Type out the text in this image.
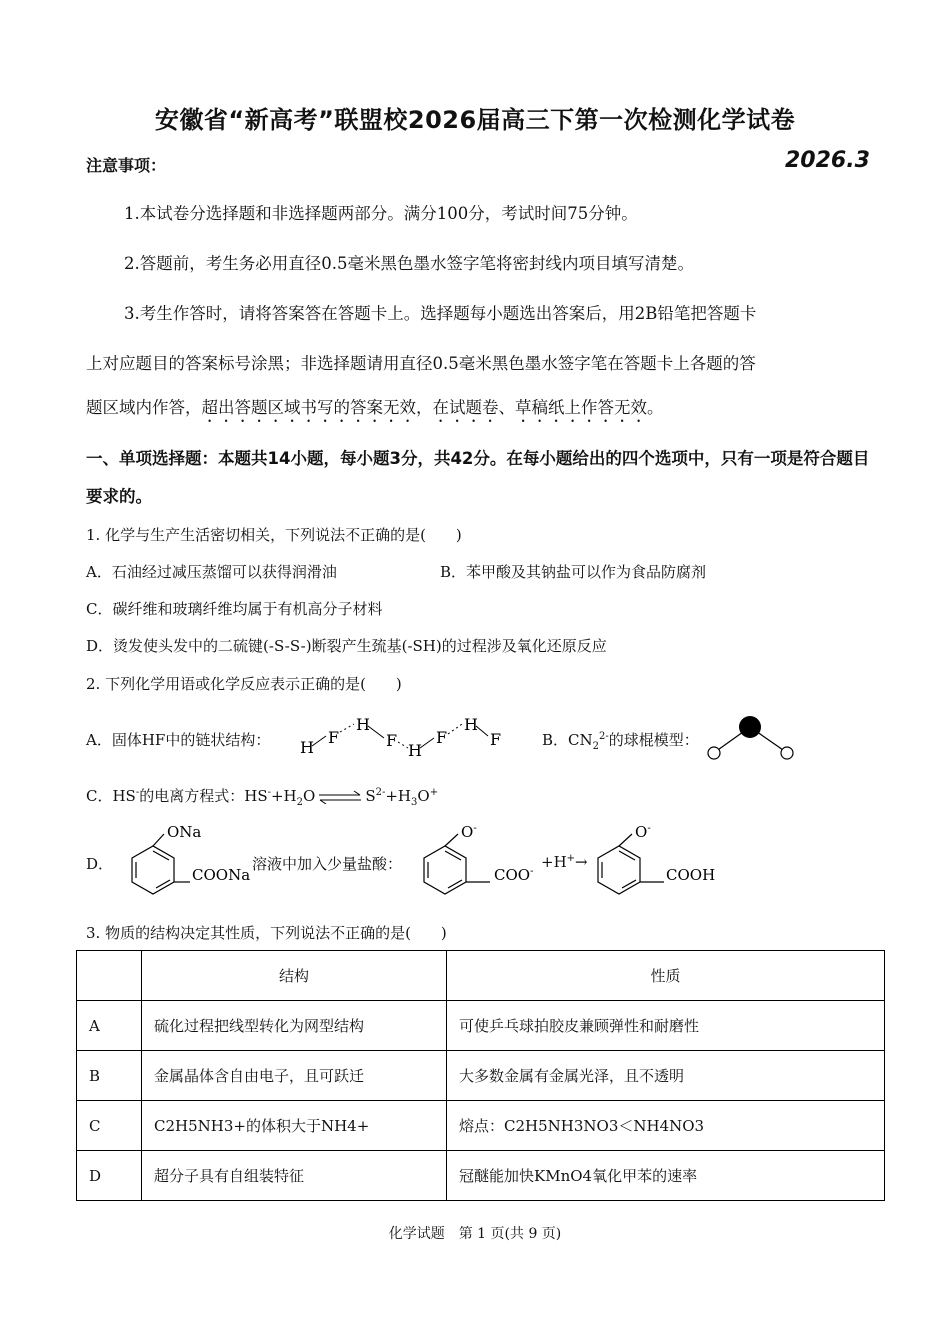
安徽省“新高考”联盟校2026届高三下第一次检测化学试卷
注意事项：	2026.3
1.本试卷分选择题和非选择题两部分。满分100分，考试时间75分钟。
2.答题前，考生务必用直径0.5毫米黑色墨水签字笔将密封线内项目填写清楚。
3.考生作答时，请将答案答在答题卡上。选择题每小题选出答案后，用2B铅笔把答题卡
上对应题目的答案标号涂黑；非选择题请用直径0.5毫米黑色墨水签字笔在答题卡上各题的答
题区域内作答，超出答题区域书写的答案无效，在试题卷、草稿纸上作答无效。
一、单项选择题：本题共14小题，每小题3分，共42分。在每小题给出的四个选项中，只有一项是符合题目要求的。
1. 化学与生产生活密切相关，下列说法不正确的是(　　)
A．石油经过减压蒸馏可以获得润滑油	B．苯甲酸及其钠盐可以作为食品防腐剂
C．碳纤维和玻璃纤维均属于有机高分子材料
D．烫发使头发中的二硫键(-S-S-)断裂产生巯基(-SH)的过程涉及氧化还原反应
2. 下列化学用语或化学反应表示正确的是(　　)
A．固体HF中的链状结构： H
F
H
F
H
F
H
F	B．$CN_2^{2-}$的球棍模型：
C．HS-的电离方程式：$HS^-+H_2O$ ⇌ $S^{2-}+H_3O^+$
D．
ONa
COONa
溶液中加入少量盐酸：
O-
COO-
+H+→
O-
COOH
3. 物质的结构决定其性质，下列说法不正确的是(　　)
	结构	性质
A	硫化过程把线型转化为网型结构	可使乒乓球拍胶皮兼顾弹性和耐磨性
B	金属晶体含自由电子，且可跃迁	大多数金属有金属光泽，且不透明
C	C2H5NH3+的体积大于NH4+	熔点：C2H5NH3NO3＜NH4NO3
D	超分子具有自组装特征	冠醚能加快KMnO4氧化甲苯的速率
化学试题　第 1 页(共 9 页)
